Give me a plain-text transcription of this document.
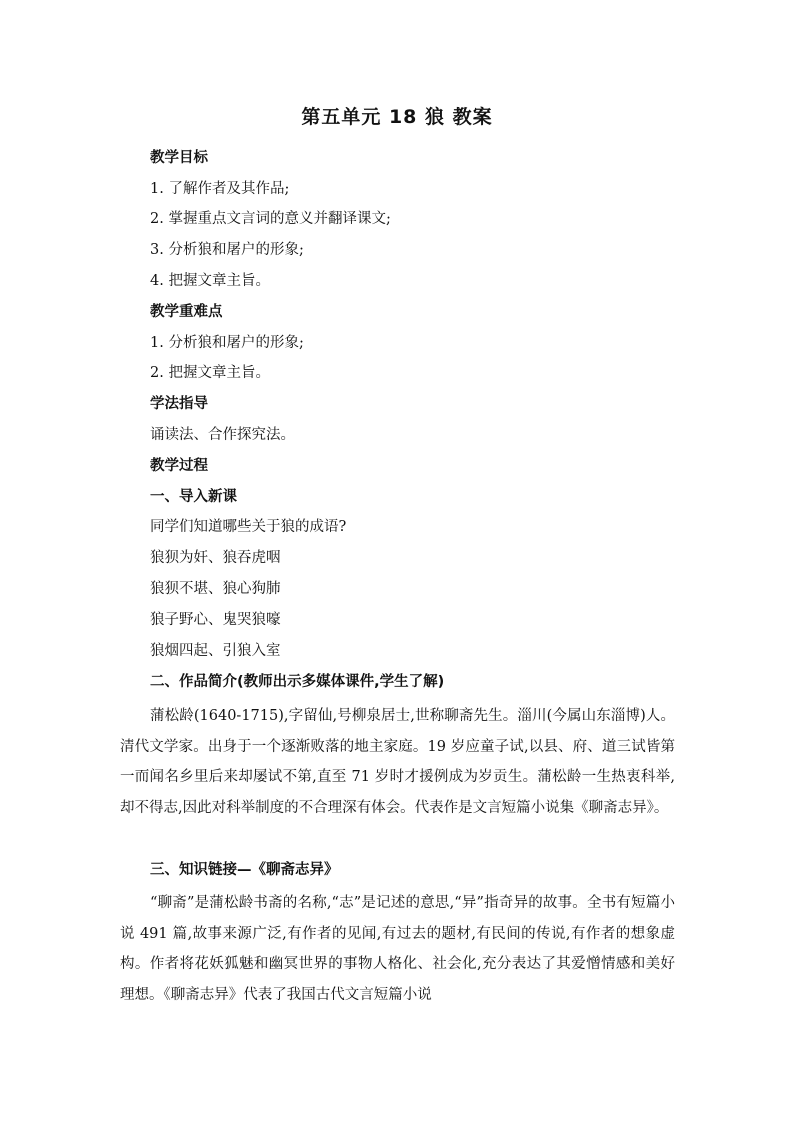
第五单元 18 狼 教案
教学目标
1. 了解作者及其作品;
2. 掌握重点文言词的意义并翻译课文;
3. 分析狼和屠户的形象;
4. 把握文章主旨。
教学重难点
1. 分析狼和屠户的形象;
2. 把握文章主旨。
学法指导
诵读法、合作探究法。
教学过程
一、导入新课
同学们知道哪些关于狼的成语?
狼狈为奸、狼吞虎咽
狼狈不堪、狼心狗肺
狼子野心、鬼哭狼嚎
狼烟四起、引狼入室
二、作品简介(教师出示多媒体课件,学生了解)
蒲松龄(1640-1715),字留仙,号柳泉居士,世称聊斋先生。淄川(今属山东淄博)人。清代文学家。出身于一个逐渐败落的地主家庭。19 岁应童子试,以县、府、道三试皆第一而闻名乡里后来却屡试不第,直至 71 岁时才援例成为岁贡生。蒲松龄一生热衷科举,却不得志,因此对科举制度的不合理深有体会。代表作是文言短篇小说集《聊斋志异》。
三、知识链接—《聊斋志异》
“聊斋”是蒲松龄书斋的名称,“志”是记述的意思,“异”指奇异的故事。全书有短篇小说 491 篇,故事来源广泛,有作者的见闻,有过去的题材,有民间的传说,有作者的想象虚构。作者将花妖狐魅和幽冥世界的事物人格化、社会化,充分表达了其爱憎情感和美好理想。《聊斋志异》代表了我国古代文言短篇小说
